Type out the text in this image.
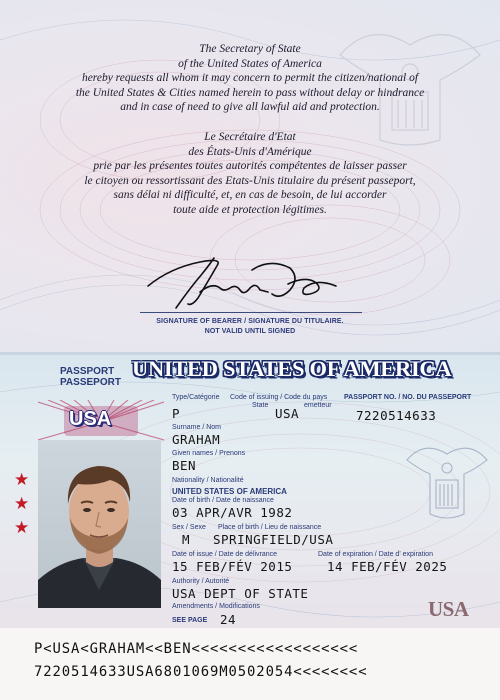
The Secretary of State
of the United States of America
hereby requests all whom it may concern to permit the citizen/national of
the United States & Cities named herein to pass without delay or hindrance
and in case of need to give all lawful aid and protection.
Le Secrétaire d'Etat
des États-Unis d'Amérique
prie par les présentes toutes autorités compétentes de laisser passer
le citoyen ou ressortissant des Etats-Unis titulaire du présent passeport,
sans délai ni difficulté, et, en cas de besoin, de lui accorder
toute aide et protection légitimes.
SIGNATURE OF BEARER / SIGNATURE DU TITULAIRE.
NOT VALID UNTIL SIGNED
PASSPORT
PASSEPORT
UNITED STATES OF AMERICA
USA
★
★
★
Type/Catégorie Code of issuing / Code du pays
State	emetteur
PASSPORT NO. / NO. DU PASSEPORT
P	USA	7220514633
Surname / Nom
GRAHAM
Given names / Prenons
BEN
Nationality / Nationalité
UNITED STATES OF AMERICA
Date of birth / Date de naissance
03 APR/AVR 1982
Sex / Sexe Place of birth / Lieu de naissance
M SPRINGFIELD/USA
Date of issue / Date de délivrance	Date of expiration / Date d' expiration
15 FEB/FÉV 2015	14 FEB/FÉV 2025
Authority / Autorité
USA DEPT OF STATE
Amendments / Modifications
SEE PAGE 24	USA
P<USA<GRAHAM<<BEN<<<<<<<<<<<<<<<<<<
7220514633USA6801069M0502054<<<<<<<<
